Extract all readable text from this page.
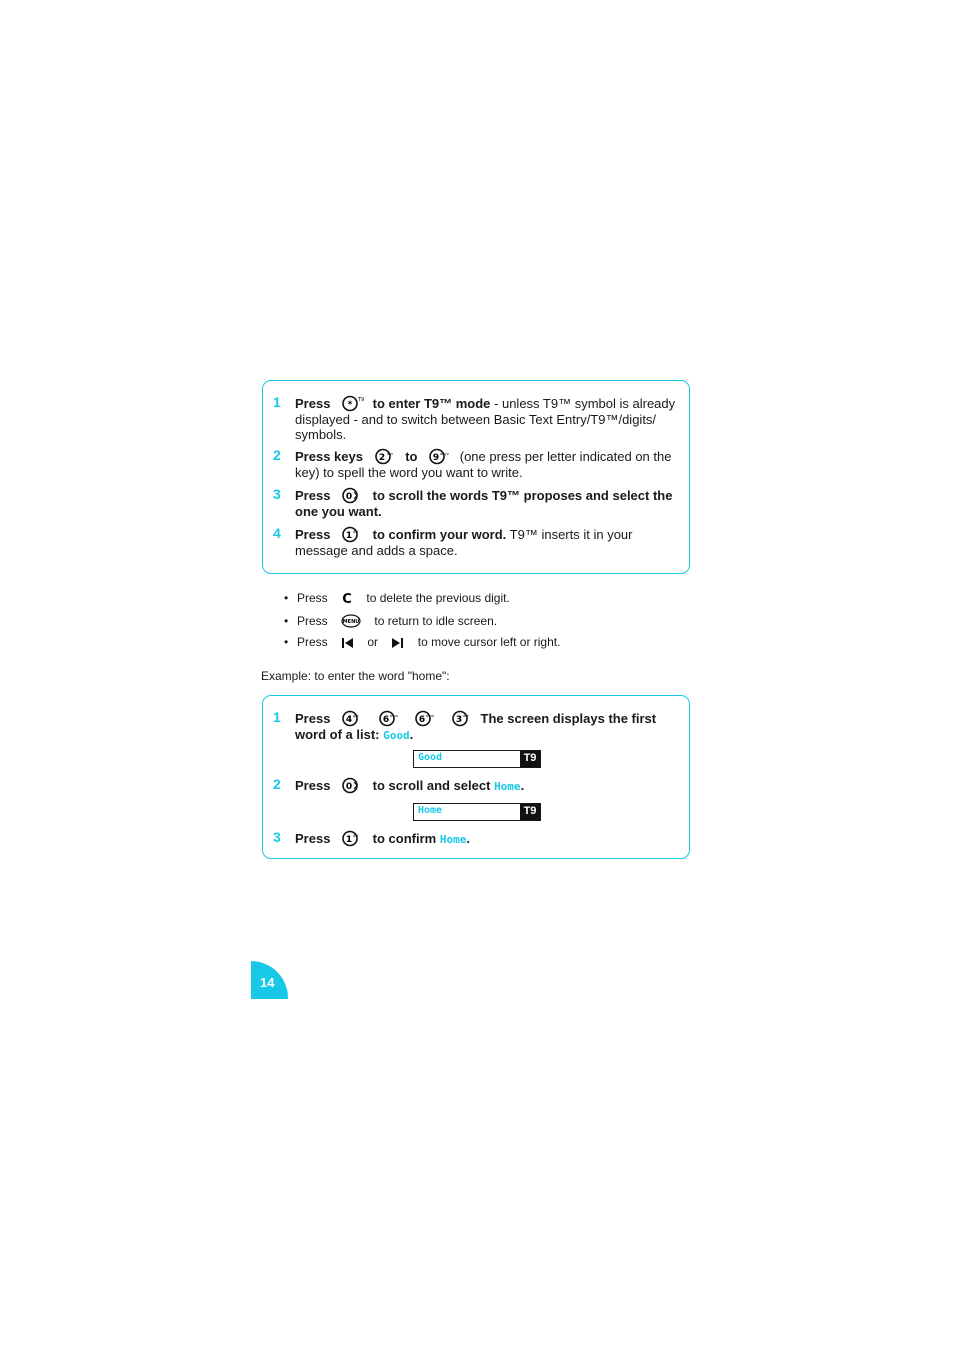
1	Press * T9 to enter T9™ mode - unless T9™ symbol is already displayed - and to switch between Basic Text Entry/T9™/digits/ symbols.
2	Press keys 2 abc to 9 wxyz (one press per letter indicated on the key) to spell the word you want to write.
3	Press 0 to scroll the words T9™ proposes and select the one you want.
4	Press 1 oo to confirm your word. T9™ inserts it in your message and adds a space.
• Press C to delete the previous digit.
• Press	MENU to return to idle screen.
• Press	or	to move cursor left or right.
Example: to enter the word "home":
1	Press 4 ghi
	6 mno
6 mno
3 def The screen displays the first word of a list: Good.
Good	T9
2	Press 0 to scroll and select Home.
Home	T9
3	Press 1 oo to confirm Home.
14
